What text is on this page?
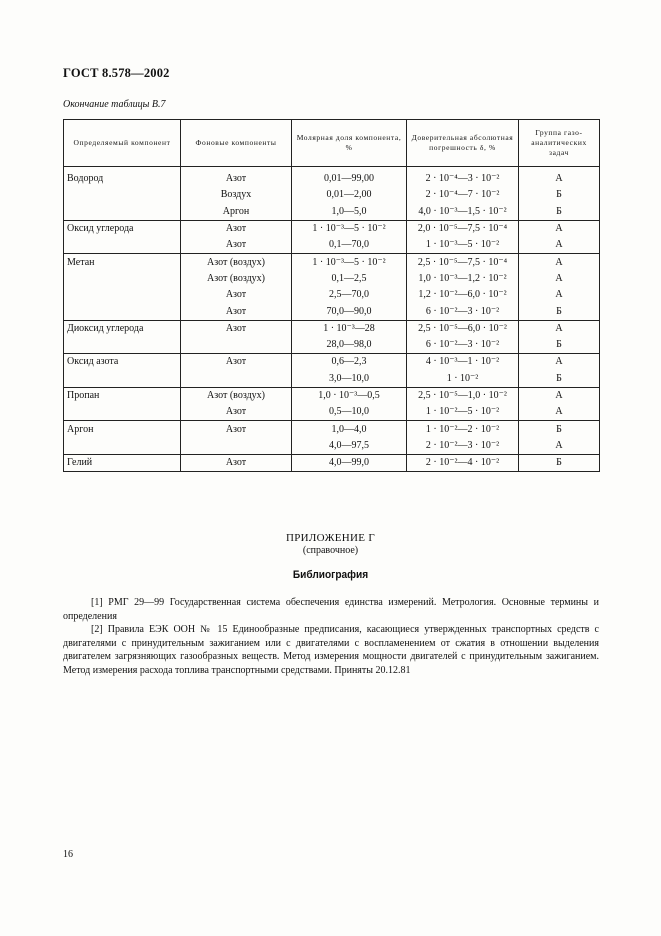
ГОСТ 8.578—2002
Окончание таблицы В.7
Определяемый компонент	Фоновые компоненты	Молярная доля компонента, %	Доверительная абсолютная погрешность δ, %	Группа газо-аналитических задач

Водород	Азот	0,01—99,00	2 · 10⁻⁴—3 · 10⁻²	А
	Воздух	0,01—2,00	2 · 10⁻⁴—7 · 10⁻²	Б
	Аргон	1,0—5,0	4,0 · 10⁻³—1,5 · 10⁻²	Б
Оксид углерода	Азот	1 · 10⁻³—5 · 10⁻²	2,0 · 10⁻⁵—7,5 · 10⁻⁴	А
	Азот	0,1—70,0	1 · 10⁻³—5 · 10⁻²	А
Метан	Азот (воздух)	1 · 10⁻³—5 · 10⁻²	2,5 · 10⁻⁵—7,5 · 10⁻⁴	А
	Азот (воздух)	0,1—2,5	1,0 · 10⁻³—1,2 · 10⁻²	А
	Азот	2,5—70,0	1,2 · 10⁻²—6,0 · 10⁻²	А
	Азот	70,0—90,0	6 · 10⁻²—3 · 10⁻²	Б
Диоксид углерода	Азот	1 · 10⁻³—28	2,5 · 10⁻⁵—6,0 · 10⁻²	А
		28,0—98,0	6 · 10⁻²—3 · 10⁻²	Б
Оксид азота	Азот	0,6—2,3	4 · 10⁻³—1 · 10⁻²	А
		3,0—10,0	1 · 10⁻²	Б
Пропан	Азот (воздух)	1,0 · 10⁻³—0,5	2,5 · 10⁻⁵—1,0 · 10⁻²	А
	Азот	0,5—10,0	1 · 10⁻²—5 · 10⁻²	А
Аргон	Азот	1,0—4,0	1 · 10⁻²—2 · 10⁻²	Б
		4,0—97,5	2 · 10⁻²—3 · 10⁻²	А
Гелий	Азот	4,0—99,0	2 · 10⁻²—4 · 10⁻²	Б
ПРИЛОЖЕНИЕ Г
(справочное)
Библиография

[1] РМГ 29—99 Государственная система обеспечения единства измерений. Метрология. Основные термины и определения

[2] Правила ЕЭК ООН № 15 Единообразные предписания, касающиеся утвержденных транспортных средств с двигателями с принудительным зажиганием или с двигателями с воспламенением от сжатия в отношении выделения двигателем загрязняющих газообразных веществ. Метод измерения мощности двигателей с принудительным зажиганием. Метод измерения расхода топлива транспортными средствами. Приняты 20.12.81

16
